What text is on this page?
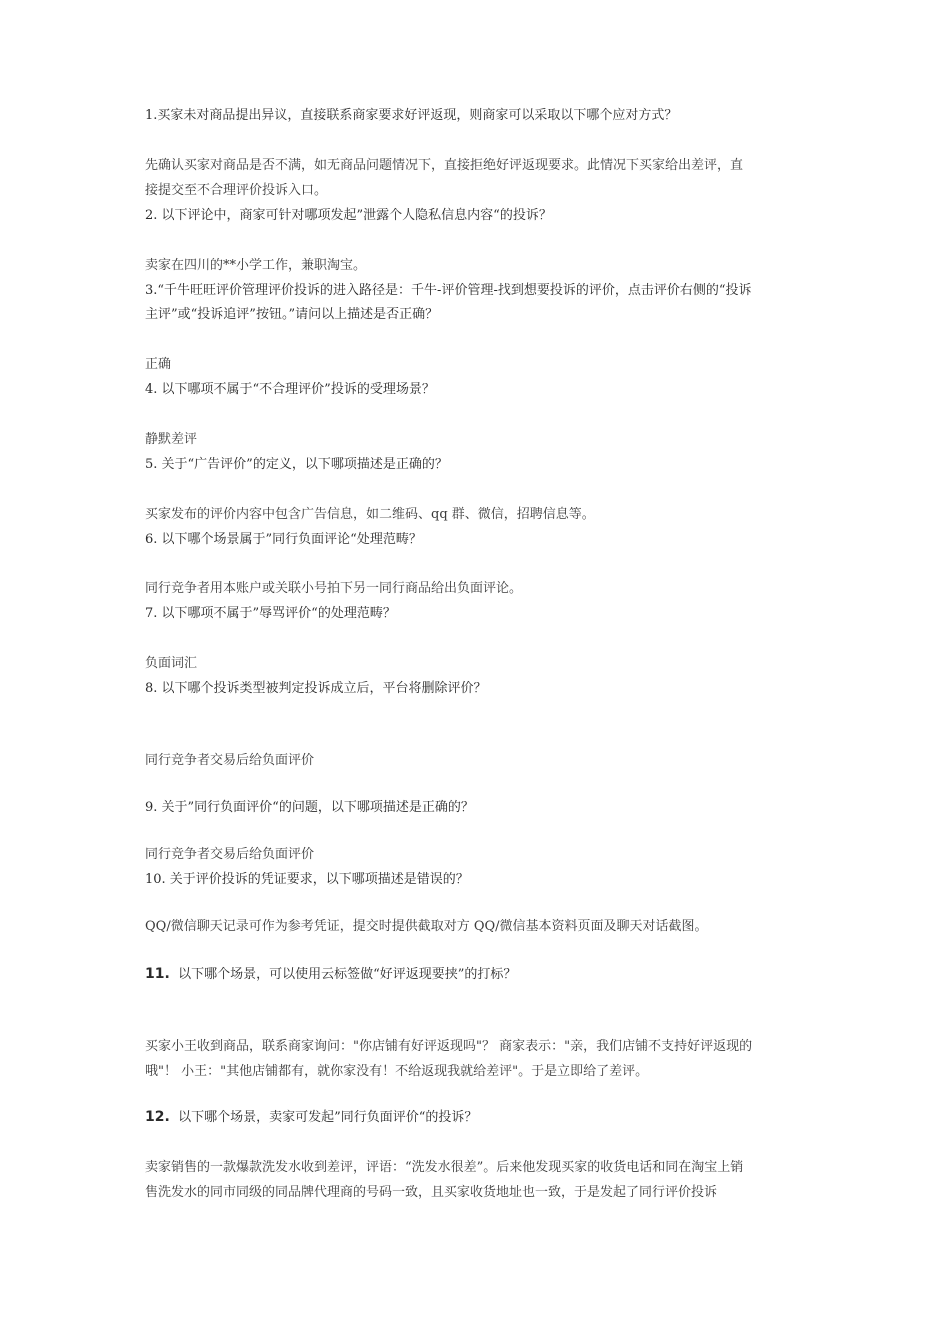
1.买家未对商品提出异议，直接联系商家要求好评返现，则商家可以采取以下哪个应对方式？
先确认买家对商品是否不满，如无商品问题情况下，直接拒绝好评返现要求。此情况下买家给出差评，直
接提交至不合理评价投诉入口。
2. 以下评论中，商家可针对哪项发起”泄露个人隐私信息内容“的投诉？
卖家在四川的**小学工作，兼职淘宝。
3.“千牛旺旺评价管理评价投诉的进入路径是：千牛-评价管理-找到想要投诉的评价，点击评价右侧的“投诉
主评”或“投诉追评”按钮。”请问以上描述是否正确？
正确
4. 以下哪项不属于“不合理评价”投诉的受理场景？
静默差评
5. 关于“广告评价”的定义，以下哪项描述是正确的？
买家发布的评价内容中包含广告信息，如二维码、qq 群、微信，招聘信息等。
6. 以下哪个场景属于”同行负面评论“处理范畴？
同行竞争者用本账户或关联小号拍下另一同行商品给出负面评论。
7. 以下哪项不属于”辱骂评价“的处理范畴？
负面词汇
8. 以下哪个投诉类型被判定投诉成立后，平台将删除评价？
同行竞争者交易后给负面评价
9. 关于”同行负面评价“的问题，以下哪项描述是正确的？
同行竞争者交易后给负面评价
10. 关于评价投诉的凭证要求，以下哪项描述是错误的？
QQ/微信聊天记录可作为参考凭证，提交时提供截取对方 QQ/微信基本资料页面及聊天对话截图。
11. 以下哪个场景，可以使用云标签做“好评返现要挟”的打标？
买家小王收到商品，联系商家询问："你店铺有好评返现吗"？ 商家表示："亲，我们店铺不支持好评返现的
哦"！ 小王："其他店铺都有，就你家没有！不给返现我就给差评"。于是立即给了差评。
12. 以下哪个场景，卖家可发起”同行负面评价“的投诉？
卖家销售的一款爆款洗发水收到差评，评语：“洗发水很差”。后来他发现买家的收货电话和同在淘宝上销
售洗发水的同市同级的同品牌代理商的号码一致，且买家收货地址也一致，于是发起了同行评价投诉
